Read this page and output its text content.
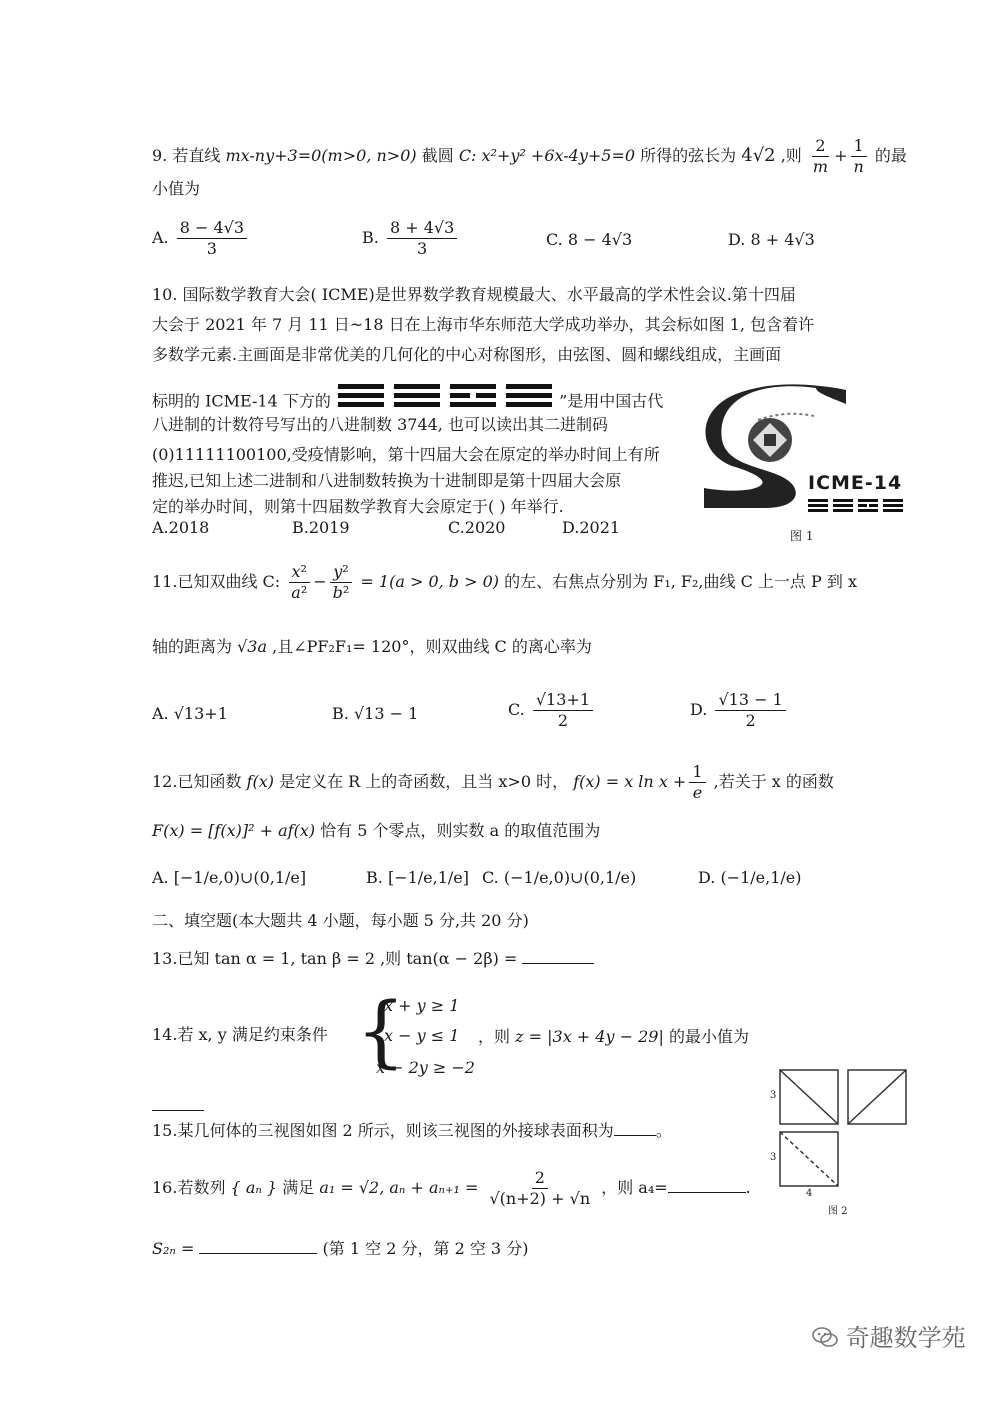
9. 若直线 mx-ny+3=0(m>0, n>0) 截圆 C: x²+y² +6x-4y+5=0 所得的弦长为 4√2 ,则 $\frac{2}{m} + \frac{1}{n}$ 的最
小值为
A. $\frac{8 - 4√3}{3}$	B. $\frac{8 + 4√3}{3}$	C. 8 − 4√3	D. 8 + 4√3
10. 国际数学教育大会( ICME)是世界数学教育规模最大、水平最高的学术性会议.第十四届
大会于 2021 年 7 月 11 日~18 日在上海市华东师范大学成功举办，其会标如图 1, 包含着许
多数学元素.主画面是非常优美的几何化的中心对称图形，由弦图、圆和螺线组成，主画面
标明的 ICME-14 下方的	”是用中国古代
八进制的计数符号写出的八进制数 3744, 也可以读出其二进制码
(0)11111100100,受疫情影响，第十四届大会在原定的举办时间上有所
推迟,已知上述二进制和八进制数转换为十进制即是第十四届大会原
定的举办时间，则第十四届数学教育大会原定于( ) 年举行.
A.2018	B.2019	C.2020	D.2021
ICME-14
图 1
11.已知双曲线 C: $\frac{\text{x²}}{\text{a²}} - \frac{\text{y²}}{\text{b²}} = 1(a > 0$, b > 0) 的左、右焦点分别为 F₁, F₂,曲线 C 上一点 P 到 x
轴的距离为 √3a ,且∠PF₂F₁= 120°，则双曲线 C 的离心率为
A. √13+1	B. √13 − 1	C. $\frac{√13+1}{2}$	D. $\frac{√13 - 1}{2}$
12.已知函数 f(x) 是定义在 R 上的奇函数，且当 x>0 时， f(x) = x $\ln x + \frac{1}{e}$ ,若关于 x 的函数
F(x) = [f(x)]² + af(x) 恰有 5 个零点，则实数 a 的取值范围为
A. [−1/e,0)∪(0,1/e]	B. [−1/e,1/e] C. (−1/e,0)∪(0,1/e)	D. (−1/e,1/e)
二、填空题(本大题共 4 小题，每小题 5 分,共 20 分)
13.已知 tan α = 1, tan β = 2 ,则 tan(α − 2β) =
14.若 x, y 满足约束条件 {
x + y ≥ 1
x − y ≤ 1
x − 2y ≥ −2
，则 z = |3x + 4y − 29| 的最小值为
15.某几何体的三视图如图 2 所示，则该三视图的外接球表面积为	。
3
3
4
图 2
16.若数列 { aₙ } 满足 a₁ = √2, $a_n + a_{n+1} = \frac{2}{√(n+2) + √n}$ ，则 a₄=	.
S₂ₙ =	(第 1 空 2 分，第 2 空 3 分)
奇趣数学苑
